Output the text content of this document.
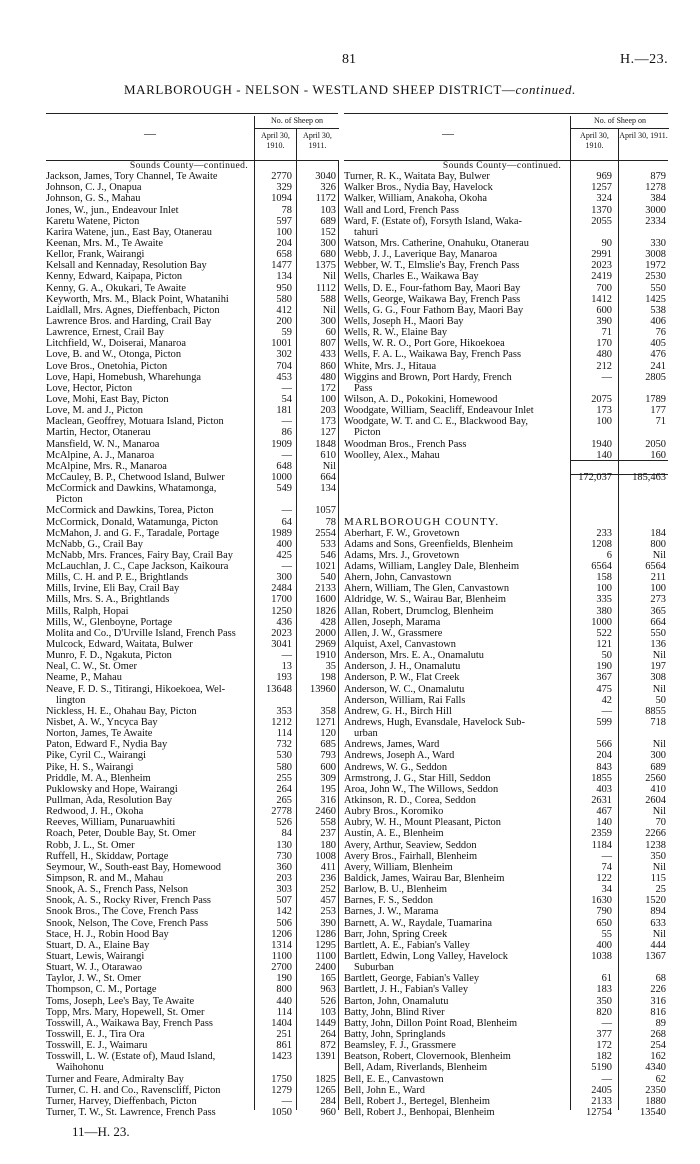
81	H.—23.
MARLBOROUGH - NELSON - WESTLAND SHEEP DISTRICT—continued.
—
No. of Sheep on
April 30, 1910.
April 30, 1911.
—
No. of Sheep on
April 30, 1910.
April 30, 1911.
Sounds County—continued.
Jackson, James, Tory Channel, Te Awaite	2770	3040
Johnson, C. J., Onapua	329	326
Johnson, G. S., Mahau	1094	1172
Jones, W., jun., Endeavour Inlet	78	103
Karetu Watene, Picton	597	689
Karira Watene, jun., East Bay, Otanerau	100	152
Keenan, Mrs. M., Te Awaite	204	300
Kellor, Frank, Wairangi	658	680
Kelsall and Kennaday, Resolution Bay	1477	1375
Kenny, Edward, Kaipapa, Picton	134	Nil
Kenny, G. A., Okukari, Te Awaite	950	1112
Keyworth, Mrs. M., Black Point, Whatanihi	580	588
Laidlall, Mrs. Agnes, Dieffenbach, Picton	412	Nil
Lawrence Bros. and Harding, Crail Bay	200	300
Lawrence, Ernest, Crail Bay	59	60
Litchfield, W., Doiserai, Manaroa	1001	807
Love, B. and W., Otonga, Picton	302	433
Love Bros., Onetohia, Picton	704	860
Love, Hapi, Homebush, Wharehunga	453	480
Love, Hector, Picton	—	172
Love, Mohi, East Bay, Picton	54	100
Love, M. and J., Picton	181	203
Maclean, Geoffrey, Motuara Island, Picton	—	173
Martin, Hector, Otanerau	86	127
Mansfield, W. N., Manaroa	1909	1848
McAlpine, A. J., Manaroa	—	610
McAlpine, Mrs. R., Manaroa	648	Nil
McCauley, B. P., Chetwood Island, Bulwer	1000	664
McCormick and Dawkins, Whatamonga,	549	134
Picton
McCormick and Dawkins, Torea, Picton	—	1057
McCormick, Donald, Watamunga, Picton	64	78
McMahon, J. and G. F., Taradale, Portage	1989	2554
McNabb, G., Crail Bay	400	533
McNabb, Mrs. Frances, Fairy Bay, Crail Bay	425	546
McLauchlan, J. C., Cape Jackson, Kaikoura	—	1021
Mills, C. H. and P. E., Brightlands	300	540
Mills, Irvine, Eli Bay, Crail Bay	2484	2133
Mills, Mrs. S. A., Brightlands	1700	1600
Mills, Ralph, Hopai	1250	1826
Mills, W., Glenboyne, Portage	436	428
Molita and Co., D'Urville Island, French Pass	2023	2000
Mulcock, Edward, Waitata, Bulwer	3041	2969
Munro, F. D., Ngakuta, Picton	—	1910
Neal, C. W., St. Omer	13	35
Neame, P., Mahau	193	198
Neave, F. D. S., Titirangi, Hikoekoea, Wel-	13648	13960
lington
Nickless, H. E., Ohahau Bay, Picton	353	358
Nisbet, A. W., Yncyca Bay	1212	1271
Norton, James, Te Awaite	114	120
Paton, Edward F., Nydia Bay	732	685
Pike, Cyril C., Wairangi	530	793
Pike, H. S., Wairangi	580	600
Priddle, M. A., Blenheim	255	309
Puklowsky and Hope, Wairangi	264	195
Pullman, Ada, Resolution Bay	265	316
Redwood, J. H., Okoha	2778	2460
Reeves, William, Punaruawhiti	526	558
Roach, Peter, Double Bay, St. Omer	84	237
Robb, J. L., St. Omer	130	180
Ruffell, H., Skiddaw, Portage	730	1008
Seymour, W., South-east Bay, Homewood	360	411
Simpson, R. and M., Mahau	203	236
Snook, A. S., French Pass, Nelson	303	252
Snook, A. S., Rocky River, French Pass	507	457
Snook Bros., The Cove, French Pass	142	253
Snook, Nelson, The Cove, French Pass	506	390
Stace, H. J., Robin Hood Bay	1206	1286
Stuart, D. A., Elaine Bay	1314	1295
Stuart, Lewis, Wairangi	1100	1100
Stuart, W. J., Otarawao	2700	2400
Taylor, J. W., St. Omer	190	165
Thompson, C. M., Portage	800	963
Toms, Joseph, Lee's Bay, Te Awaite	440	526
Topp, Mrs. Mary, Hopewell, St. Omer	114	103
Tosswill, A., Waikawa Bay, French Pass	1404	1449
Tosswill, E. J., Tira Ora	251	264
Tosswill, E. J., Waimaru	861	872
Tosswill, L. W. (Estate of), Maud Island,	1423	1391
Waihohonu
Turner and Feare, Admiralty Bay	1750	1825
Turner, C. H. and Co., Ravenscliff, Picton	1279	1265
Turner, Harvey, Dieffenbach, Picton	—	284
Turner, T. W., St. Lawrence, French Pass	1050	960
Sounds County—continued.
Turner, R. K., Waitata Bay, Bulwer	969	879
Walker Bros., Nydia Bay, Havelock	1257	1278
Walker, William, Anakoha, Okoha	324	384
Wall and Lord, French Pass	1370	3000
Ward, F. (Estate of), Forsyth Island, Waka-	2055	2334
tahuri
Watson, Mrs. Catherine, Onahuku, Otanerau	90	330
Webb, J. J., Laverique Bay, Manaroa	2991	3008
Webber, W. T., Elmslie's Bay, French Pass	2023	1972
Wells, Charles E., Waikawa Bay	2419	2530
Wells, D. E., Four-fathom Bay, Maori Bay	700	550
Wells, George, Waikawa Bay, French Pass	1412	1425
Wells, G. G., Four Fathom Bay, Maori Bay	600	538
Wells, Joseph H., Maori Bay	390	406
Wells, R. W., Elaine Bay	71	76
Wells, W. R. O., Port Gore, Hikoekoea	170	405
Wells, F. A. L., Waikawa Bay, French Pass	480	476
White, Mrs. J., Hitaua	212	241
Wiggins and Brown, Port Hardy, French	—	2805
Pass
Wilson, A. D., Pokokini, Homewood	2075	1789
Woodgate, William, Seacliff, Endeavour Inlet	173	177
Woodgate, W. T. and C. E., Blackwood Bay,	100	71
Picton
Woodman Bros., French Pass	1940	2050
Woolley, Alex., Mahau	140	160
172,037	185,463
MARLBOROUGH COUNTY.
Aberhart, F. W., Grovetown	233	184
Adams and Sons, Greenfields, Blenheim	1208	800
Adams, Mrs. J., Grovetown	6	Nil
Adams, William, Langley Dale, Blenheim	6564	6564
Ahern, John, Canvastown	158	211
Ahern, William, The Glen, Canvastown	100	100
Aldridge, W. S., Wairau Bar, Blenheim	335	273
Allan, Robert, Drumclog, Blenheim	380	365
Allen, Joseph, Marama	1000	664
Allen, J. W., Grassmere	522	550
Alquist, Axel, Canvastown	121	136
Anderson, Mrs. E. A., Onamalutu	50	Nil
Anderson, J. H., Onamalutu	190	197
Anderson, P. W., Flat Creek	367	308
Anderson, W. C., Onamalutu	475	Nil
Anderson, William, Rai Falls	42	50
Andrew, G. H., Birch Hill	—	8855
Andrews, Hugh, Evansdale, Havelock Sub-	599	718
urban
Andrews, James, Ward	566	Nil
Andrews, Joseph A., Ward	204	300
Andrews, W. G., Seddon	843	689
Armstrong, J. G., Star Hill, Seddon	1855	2560
Aroa, John W., The Willows, Seddon	403	410
Atkinson, R. D., Corea, Seddon	2631	2604
Aubry Bros., Koromiko	467	Nil
Aubry, W. H., Mount Pleasant, Picton	140	70
Austin, A. E., Blenheim	2359	2266
Avery, Arthur, Seaview, Seddon	1184	1238
Avery Bros., Fairhall, Blenheim	—	350
Avery, William, Blenheim	74	Nil
Baldick, James, Wairau Bar, Blenheim	122	115
Barlow, B. U., Blenheim	34	25
Barnes, F. S., Seddon	1630	1520
Barnes, J. W., Marama	790	894
Barnett, A. W., Raydale, Tuamarina	650	633
Barr, John, Spring Creek	55	Nil
Bartlett, A. E., Fabian's Valley	400	444
Bartlett, Edwin, Long Valley, Havelock	1038	1367
Suburban
Bartlett, George, Fabian's Valley	61	68
Bartlett, J. H., Fabian's Valley	183	226
Barton, John, Onamalutu	350	316
Batty, John, Blind River	820	816
Batty, John, Dillon Point Road, Blenheim	—	89
Batty, John, Springlands	377	268
Beamsley, F. J., Grassmere	172	254
Beatson, Robert, Clovernook, Blenheim	182	162
Bell, Adam, Riverlands, Blenheim	5190	4340
Bell, E. E., Canvastown	—	62
Bell, John E., Ward	2405	2350
Bell, Robert J., Bertegel, Blenheim	2133	1880
Bell, Robert J., Benhopai, Blenheim	12754	13540
11—H. 23.
